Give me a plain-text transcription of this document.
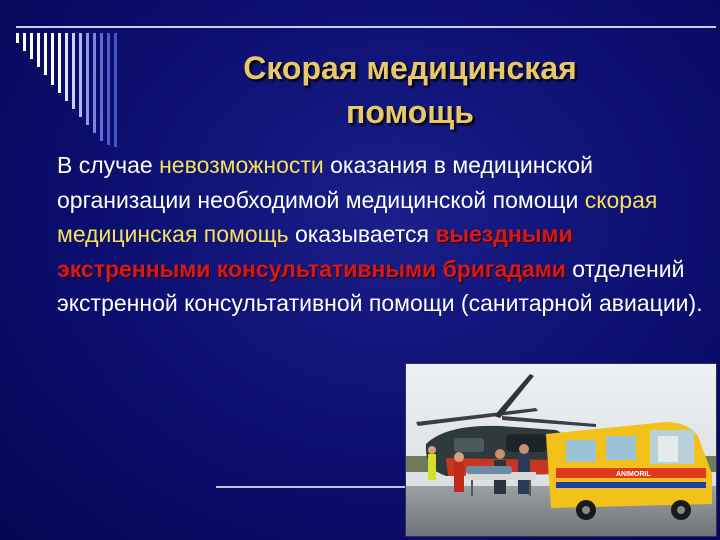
Скорая медицинская
помощь
В случае невозможности оказания в медицинской организации необходимой медицинской помощи скорая медицинская помощь оказывается выездными экстренными консультативными бригадами отделений экстренной консультативной помощи (санитарной авиации).
ANIMORIL
